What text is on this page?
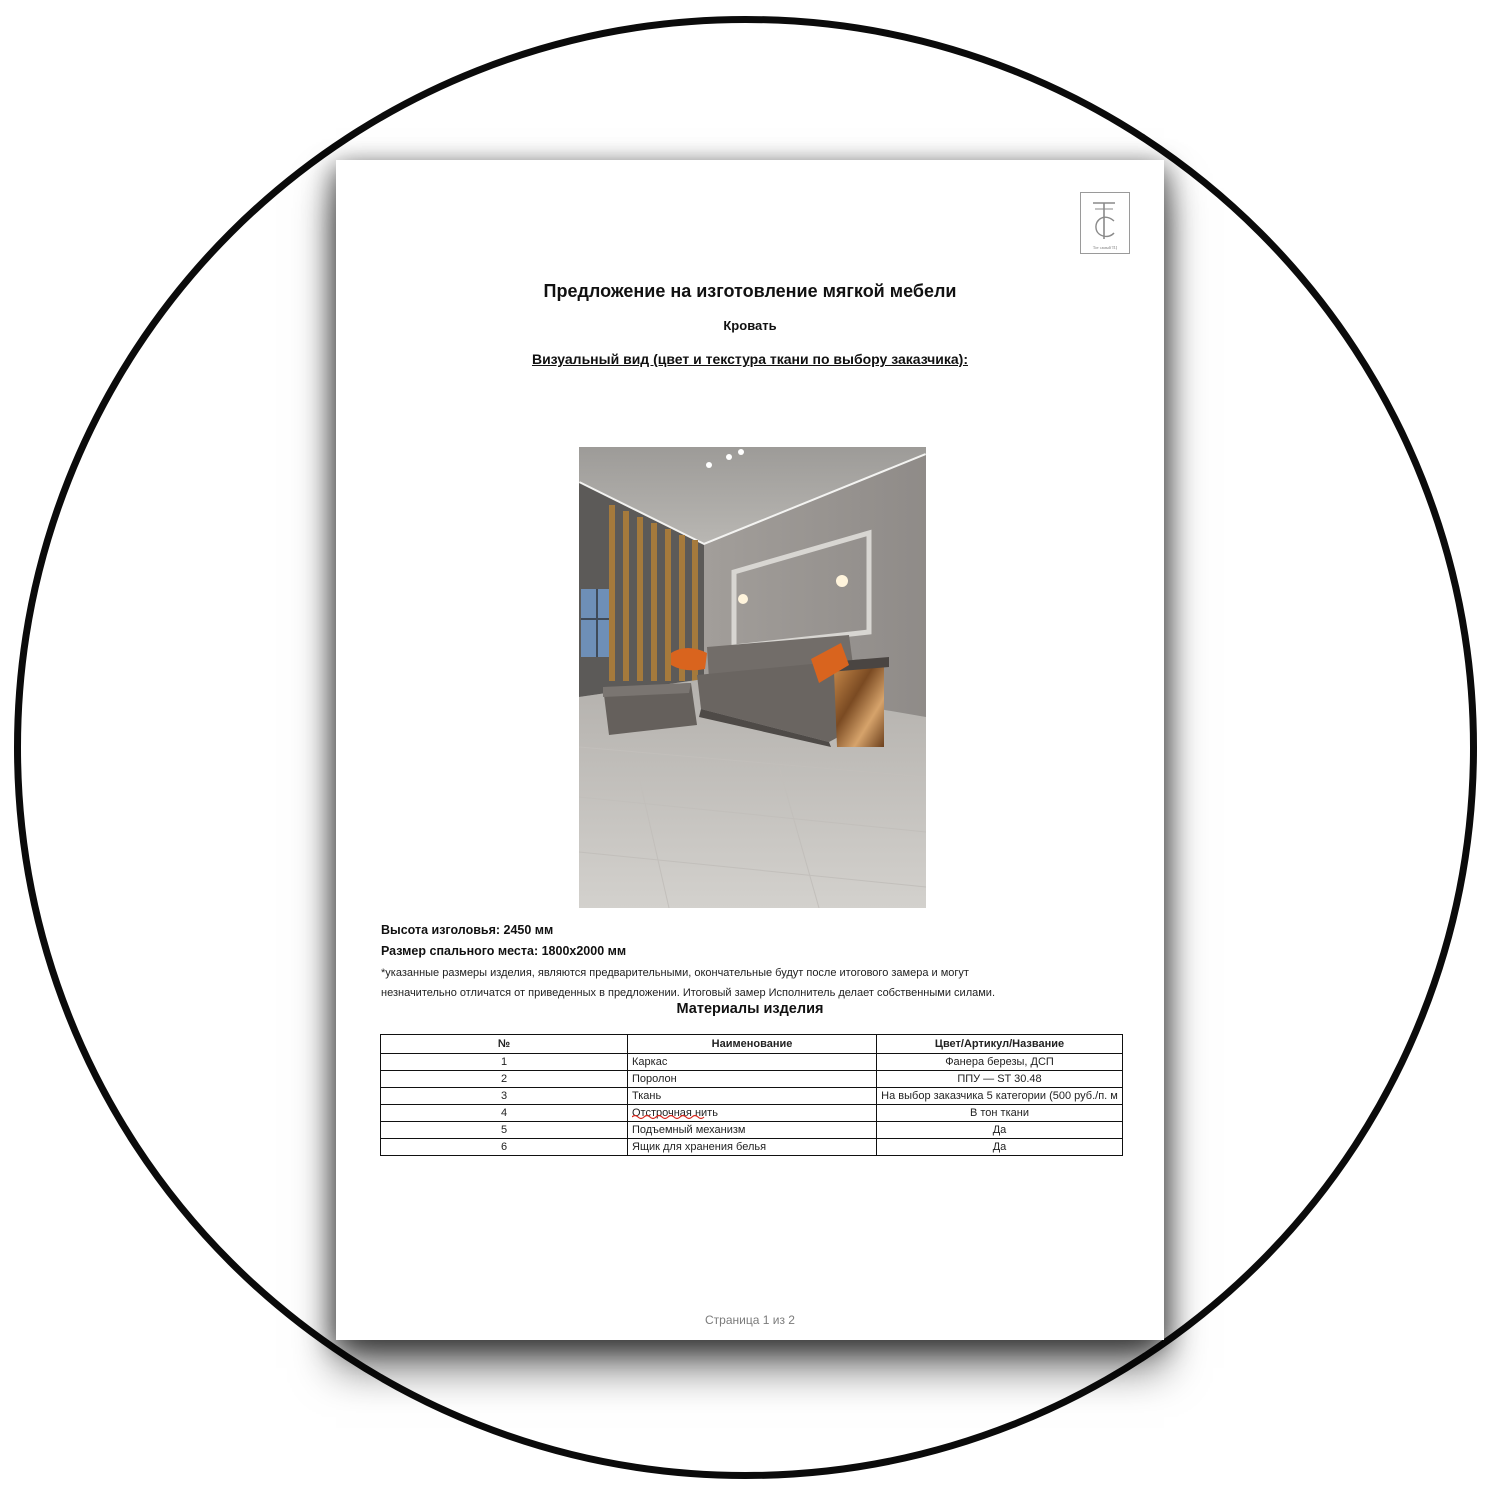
Тот самый ТЦ
Предложение на изготовление мягкой мебели
Кровать
Визуальный вид (цвет и текстура ткани по выбору заказчика):
Высота изголовья: 2450 мм
Размер спального места: 1800х2000 мм
*указанные размеры изделия, являются предварительными, окончательные будут после итогового замера и могут
незначительно отличатся от приведенных в предложении. Итоговый замер Исполнитель делает собственными силами.
Материалы изделия
№	Наименование	Цвет/Артикул/Название
1	Каркас	Фанера березы, ДСП
2	Поролон	ППУ — ST 30.48
3	Ткань	На выбор заказчика 5 категории (500 руб./п. м
4	Отстрочная нить	В тон ткани
5	Подъемный механизм	Да
6	Ящик для хранения белья	Да
Страница 1 из 2
